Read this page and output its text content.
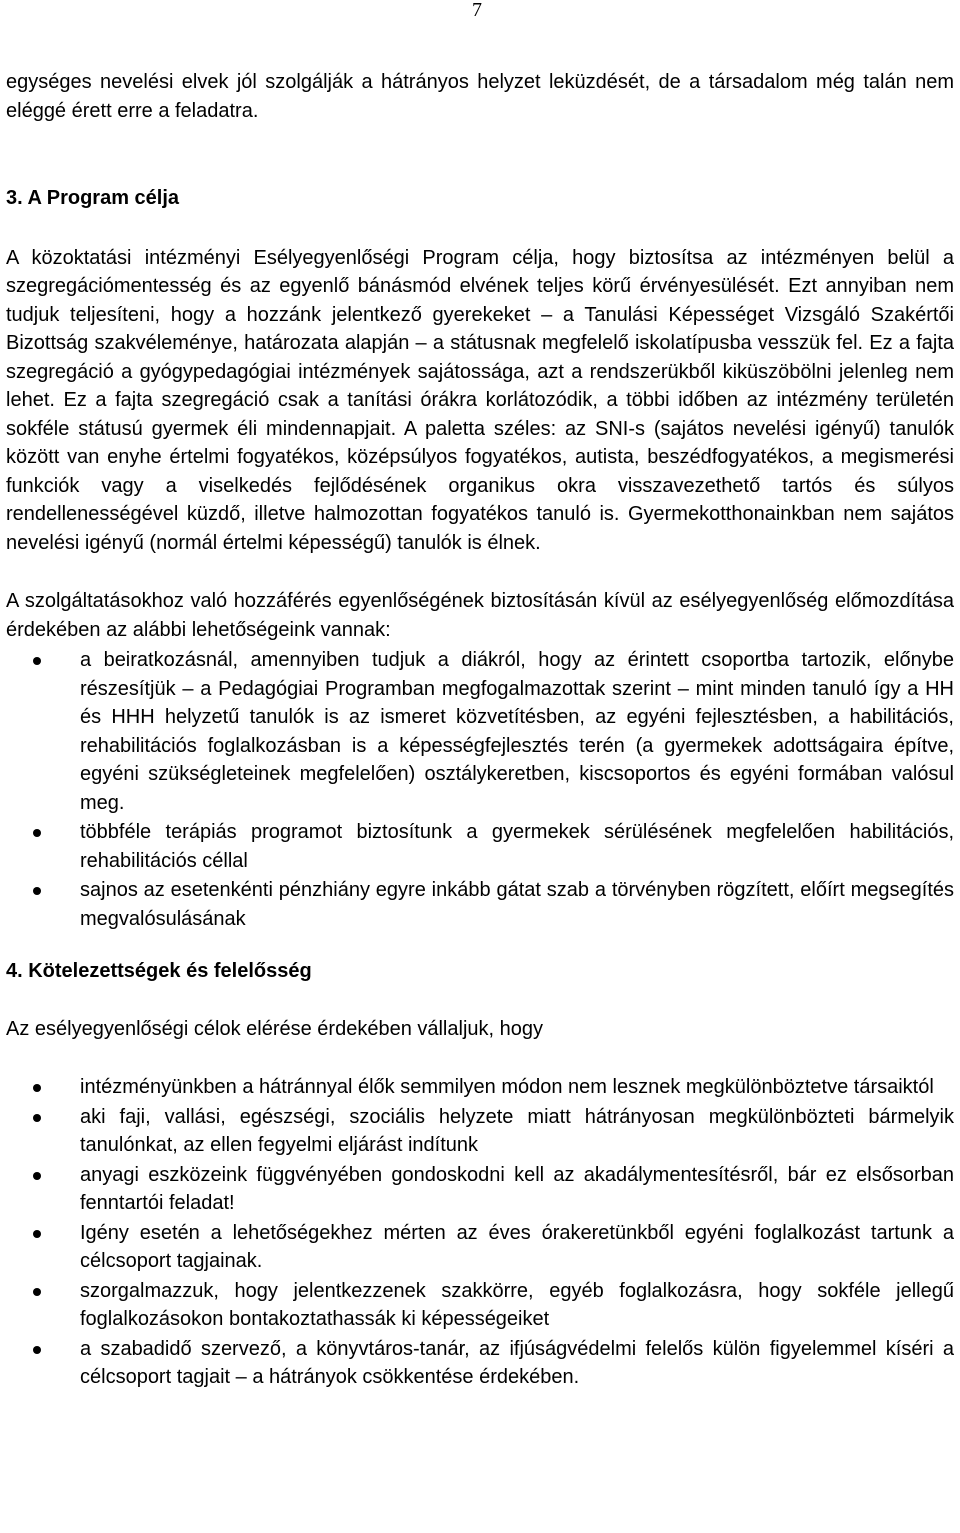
7

egységes nevelési elvek jól szolgálják a hátrányos helyzet leküzdését, de a társadalom még talán nem eléggé érett erre a feladatra.

3. A Program célja

A közoktatási intézményi Esélyegyenlőségi Program célja, hogy biztosítsa az intézményen belül a szegregációmentesség és az egyenlő bánásmód elvének teljes körű érvényesülését. Ezt annyiban nem tudjuk teljesíteni, hogy a hozzánk jelentkező gyerekeket – a Tanulási Képességet Vizsgáló Szakértői Bizottság szakvéleménye, határozata alapján – a státusnak megfelelő iskolatípusba vesszük fel. Ez a fajta szegregáció a gyógypedagógiai intézmények sajátossága, azt a rendszerükből kiküszöbölni jelenleg nem lehet. Ez a fajta szegregáció csak a tanítási órákra korlátozódik, a többi időben az intézmény területén sokféle státusú gyermek éli mindennapjait. A paletta széles: az SNI-s (sajátos nevelési igényű) tanulók között van enyhe értelmi fogyatékos, középsúlyos fogyatékos, autista, beszédfogyatékos, a megismerési funkciók vagy a viselkedés fejlődésének organikus okra visszavezethető tartós és súlyos rendellenességével küzdő, illetve halmozottan fogyatékos tanuló is. Gyermekotthonainkban nem sajátos nevelési igényű (normál értelmi képességű) tanulók is élnek.

A szolgáltatásokhoz való hozzáférés egyenlőségének biztosításán kívül az esélyegyenlőség előmozdítása érdekében az alábbi lehetőségeink vannak:

a beiratkozásnál, amennyiben tudjuk a diákról, hogy az érintett csoportba tartozik, előnybe részesítjük – a Pedagógiai Programban megfogalmazottak szerint – mint minden tanuló így a HH és HHH helyzetű tanulók is az ismeret közvetítésben, az egyéni fejlesztésben, a habilitációs, rehabilitációs foglalkozásban is a képességfejlesztés terén (a gyermekek adottságaira építve, egyéni szükségleteinek megfelelően) osztálykeretben, kiscsoportos és egyéni formában valósul meg.
többféle terápiás programot biztosítunk a gyermekek sérülésének megfelelően habilitációs, rehabilitációs céllal
sajnos az esetenkénti pénzhiány egyre inkább gátat szab a törvényben rögzített, előírt megsegítés megvalósulásának
4. Kötelezettségek és felelősség

Az esélyegyenlőségi célok elérése érdekében vállaljuk, hogy

intézményünkben a hátránnyal élők semmilyen módon nem lesznek megkülönböztetve társaiktól
aki faji, vallási, egészségi, szociális helyzete miatt hátrányosan megkülönbözteti bármelyik tanulónkat, az ellen fegyelmi eljárást indítunk
anyagi eszközeink függvényében gondoskodni kell az akadálymentesítésről, bár ez elsősorban fenntartói feladat!
Igény esetén a lehetőségekhez mérten az éves órakeretünkből egyéni foglalkozást tartunk a célcsoport tagjainak.
szorgalmazzuk, hogy jelentkezzenek szakkörre, egyéb foglalkozásra, hogy sokféle jellegű foglalkozásokon bontakoztathassák ki képességeiket
a szabadidő szervező, a könyvtáros-tanár, az ifjúságvédelmi felelős külön figyelemmel kíséri a célcsoport tagjait – a hátrányok csökkentése érdekében.
